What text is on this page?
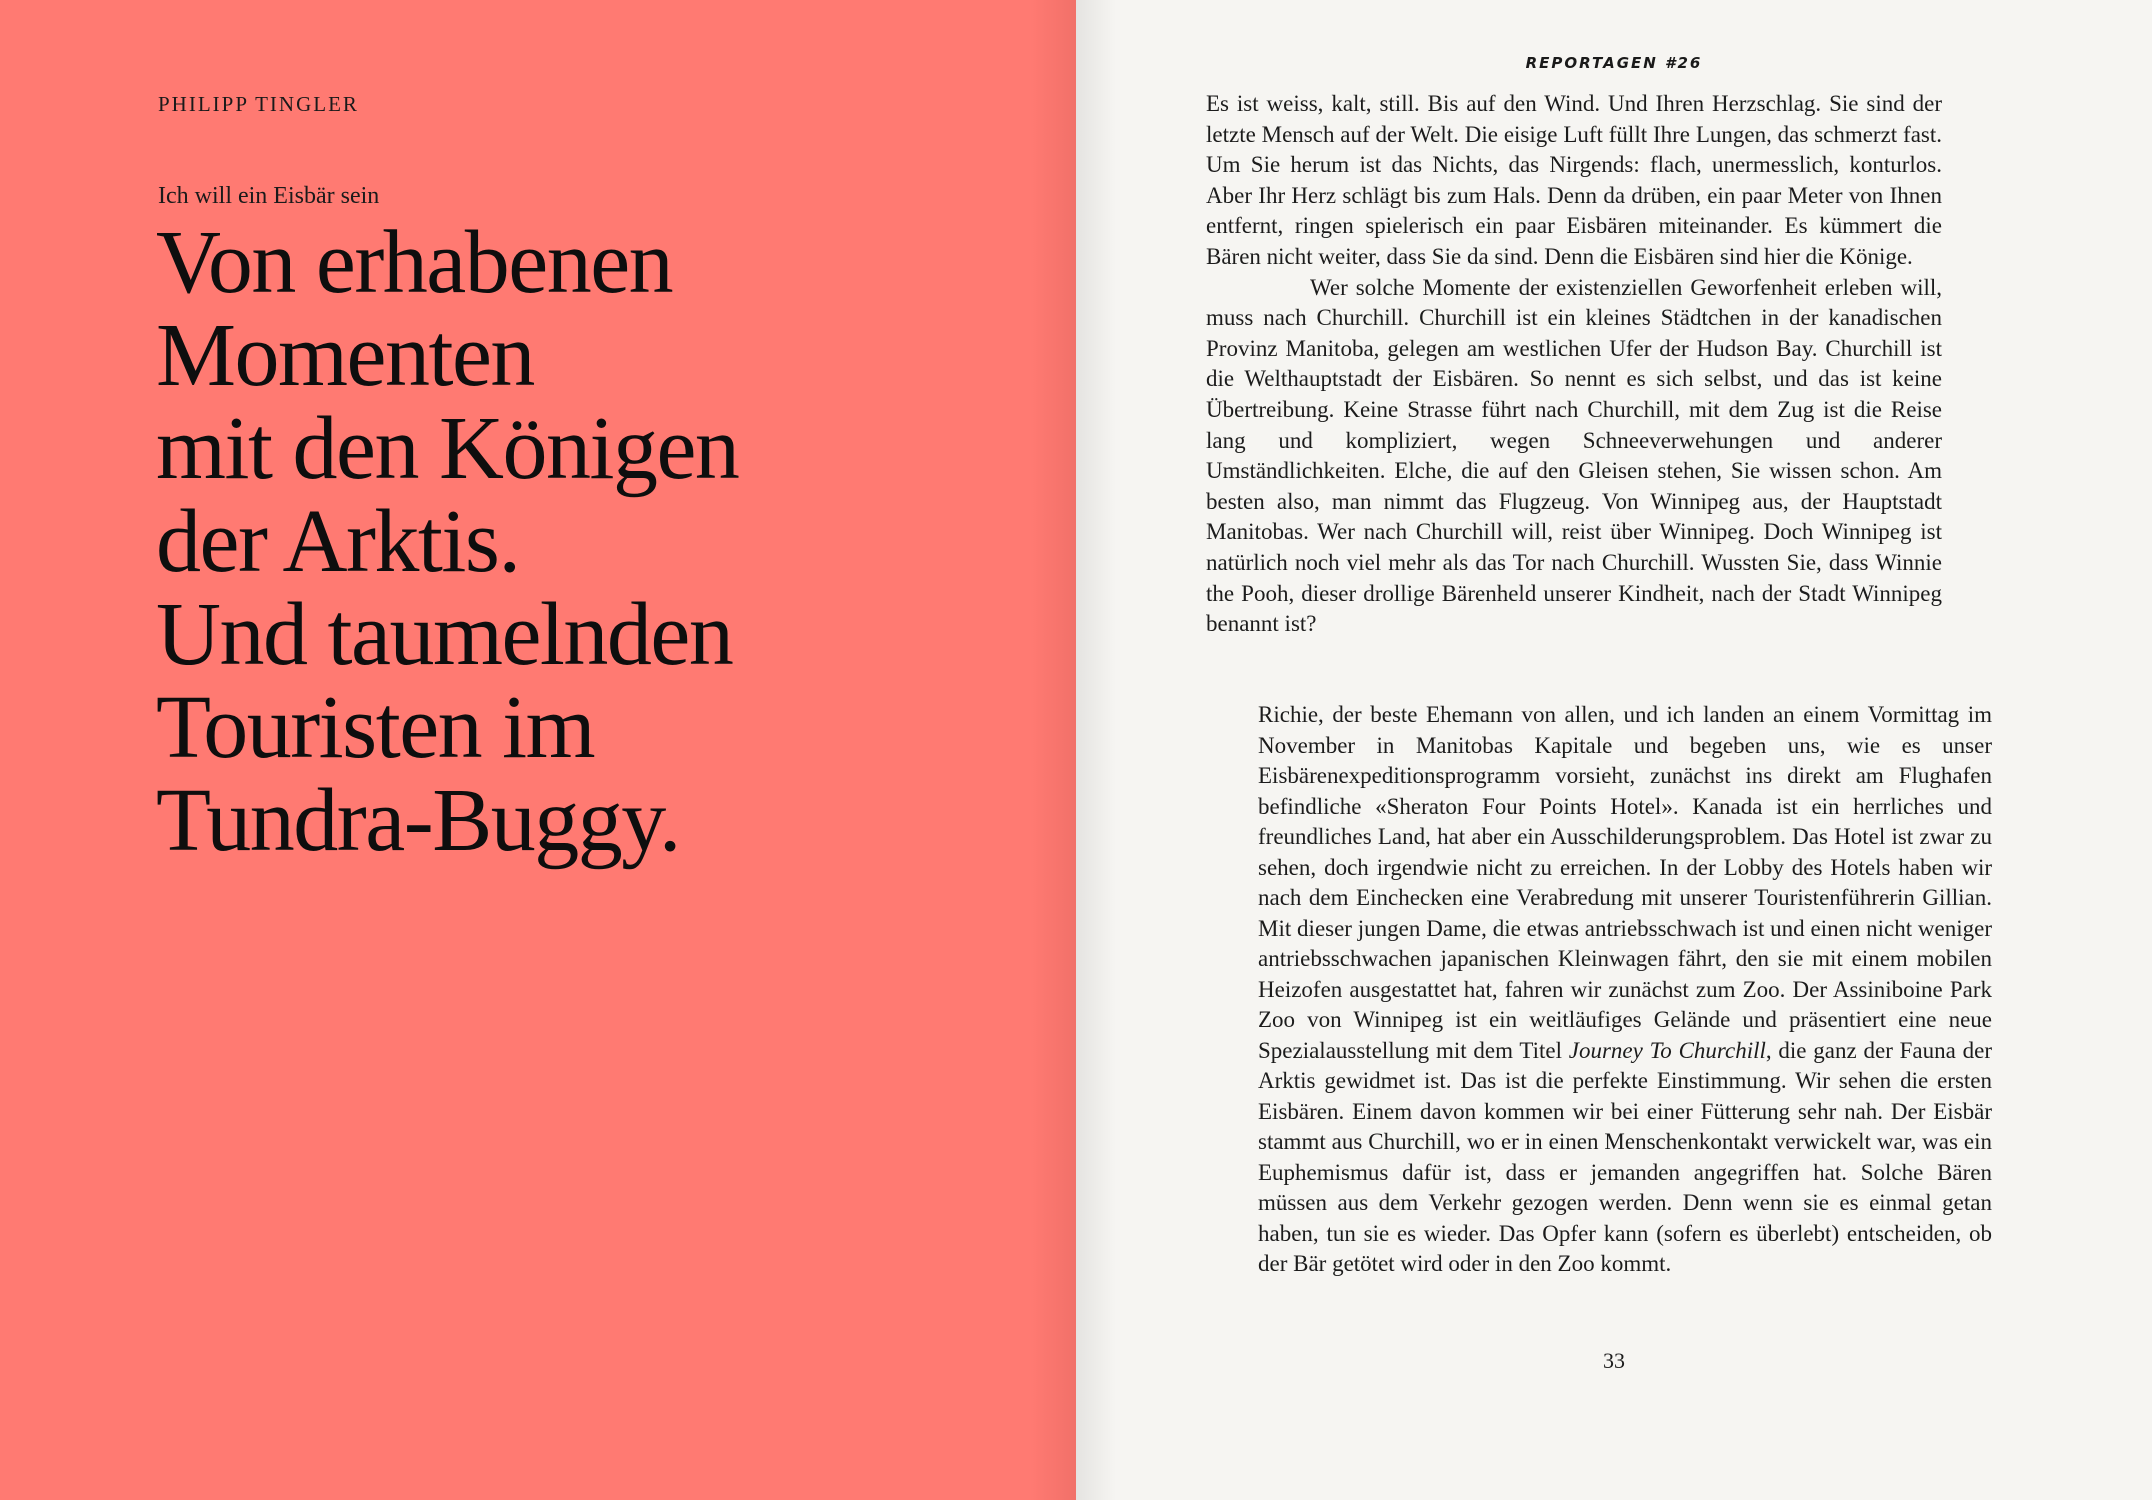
PHILIPP TINGLER
Ich will ein Eisbär sein
Von erhabenen
Momenten
mit den Königen
der Arktis.
Und taumelnden
Touristen im
Tundra-Buggy.
REPORTAGEN #26

Es ist weiss, kalt, still. Bis auf den Wind. Und Ihren Herzschlag. Sie sind der letzte Mensch auf der Welt. Die eisige Luft füllt Ihre Lungen, das schmerzt fast. Um Sie herum ist das Nichts, das Nirgends: flach, unermesslich, konturlos. Aber Ihr Herz schlägt bis zum Hals. Denn da drüben, ein paar Meter von Ihnen entfernt, ringen spielerisch ein paar Eisbären miteinander. Es kümmert die Bären nicht weiter, dass Sie da sind. Denn die Eisbären sind hier die Könige.

Wer solche Momente der existenziellen Geworfenheit erleben will, muss nach Churchill. Churchill ist ein kleines Städtchen in der kanadischen Provinz Manitoba, gelegen am westlichen Ufer der Hudson Bay. Churchill ist die Welthauptstadt der Eisbären. So nennt es sich selbst, und das ist keine Übertreibung. Keine Strasse führt nach Churchill, mit dem Zug ist die Reise lang und kompliziert, wegen Schneeverwehungen und anderer Umständlichkeiten. Elche, die auf den Gleisen stehen, Sie wissen schon. Am besten also, man nimmt das Flugzeug. Von Winnipeg aus, der Hauptstadt Manitobas. Wer nach Churchill will, reist über Winnipeg. Doch Winnipeg ist natürlich noch viel mehr als das Tor nach Churchill. Wussten Sie, dass Winnie the Pooh, dieser drollige Bärenheld unserer Kindheit, nach der Stadt Winnipeg benannt ist?

Richie, der beste Ehemann von allen, und ich landen an einem Vormittag im November in Manitobas Kapitale und begeben uns, wie es unser Eisbärenexpeditionsprogramm vorsieht, zunächst ins direkt am Flughafen befindliche «Sheraton Four Points Hotel». Kanada ist ein herrliches und freundliches Land, hat aber ein Ausschilderungsproblem. Das Hotel ist zwar zu sehen, doch irgendwie nicht zu erreichen. In der Lobby des Hotels haben wir nach dem Einchecken eine Verabredung mit unserer Touristenführerin Gillian. Mit dieser jungen Dame, die etwas antriebsschwach ist und einen nicht weniger antriebsschwachen japanischen Kleinwagen fährt, den sie mit einem mobilen Heizofen ausgestattet hat, fahren wir zunächst zum Zoo. Der Assiniboine Park Zoo von Winnipeg ist ein weitläufiges Gelände und präsentiert eine neue Spezialausstellung mit dem Titel Journey To Churchill, die ganz der Fauna der Arktis gewidmet ist. Das ist die perfekte Einstimmung. Wir sehen die ersten Eisbären. Einem davon kommen wir bei einer Fütterung sehr nah. Der Eisbär stammt aus Churchill, wo er in einen Menschenkontakt verwickelt war, was ein Euphemismus dafür ist, dass er jemanden angegriffen hat. Solche Bären müssen aus dem Verkehr gezogen werden. Denn wenn sie es einmal getan haben, tun sie es wieder. Das Opfer kann (sofern es überlebt) entscheiden, ob der Bär getötet wird oder in den Zoo kommt.

33
